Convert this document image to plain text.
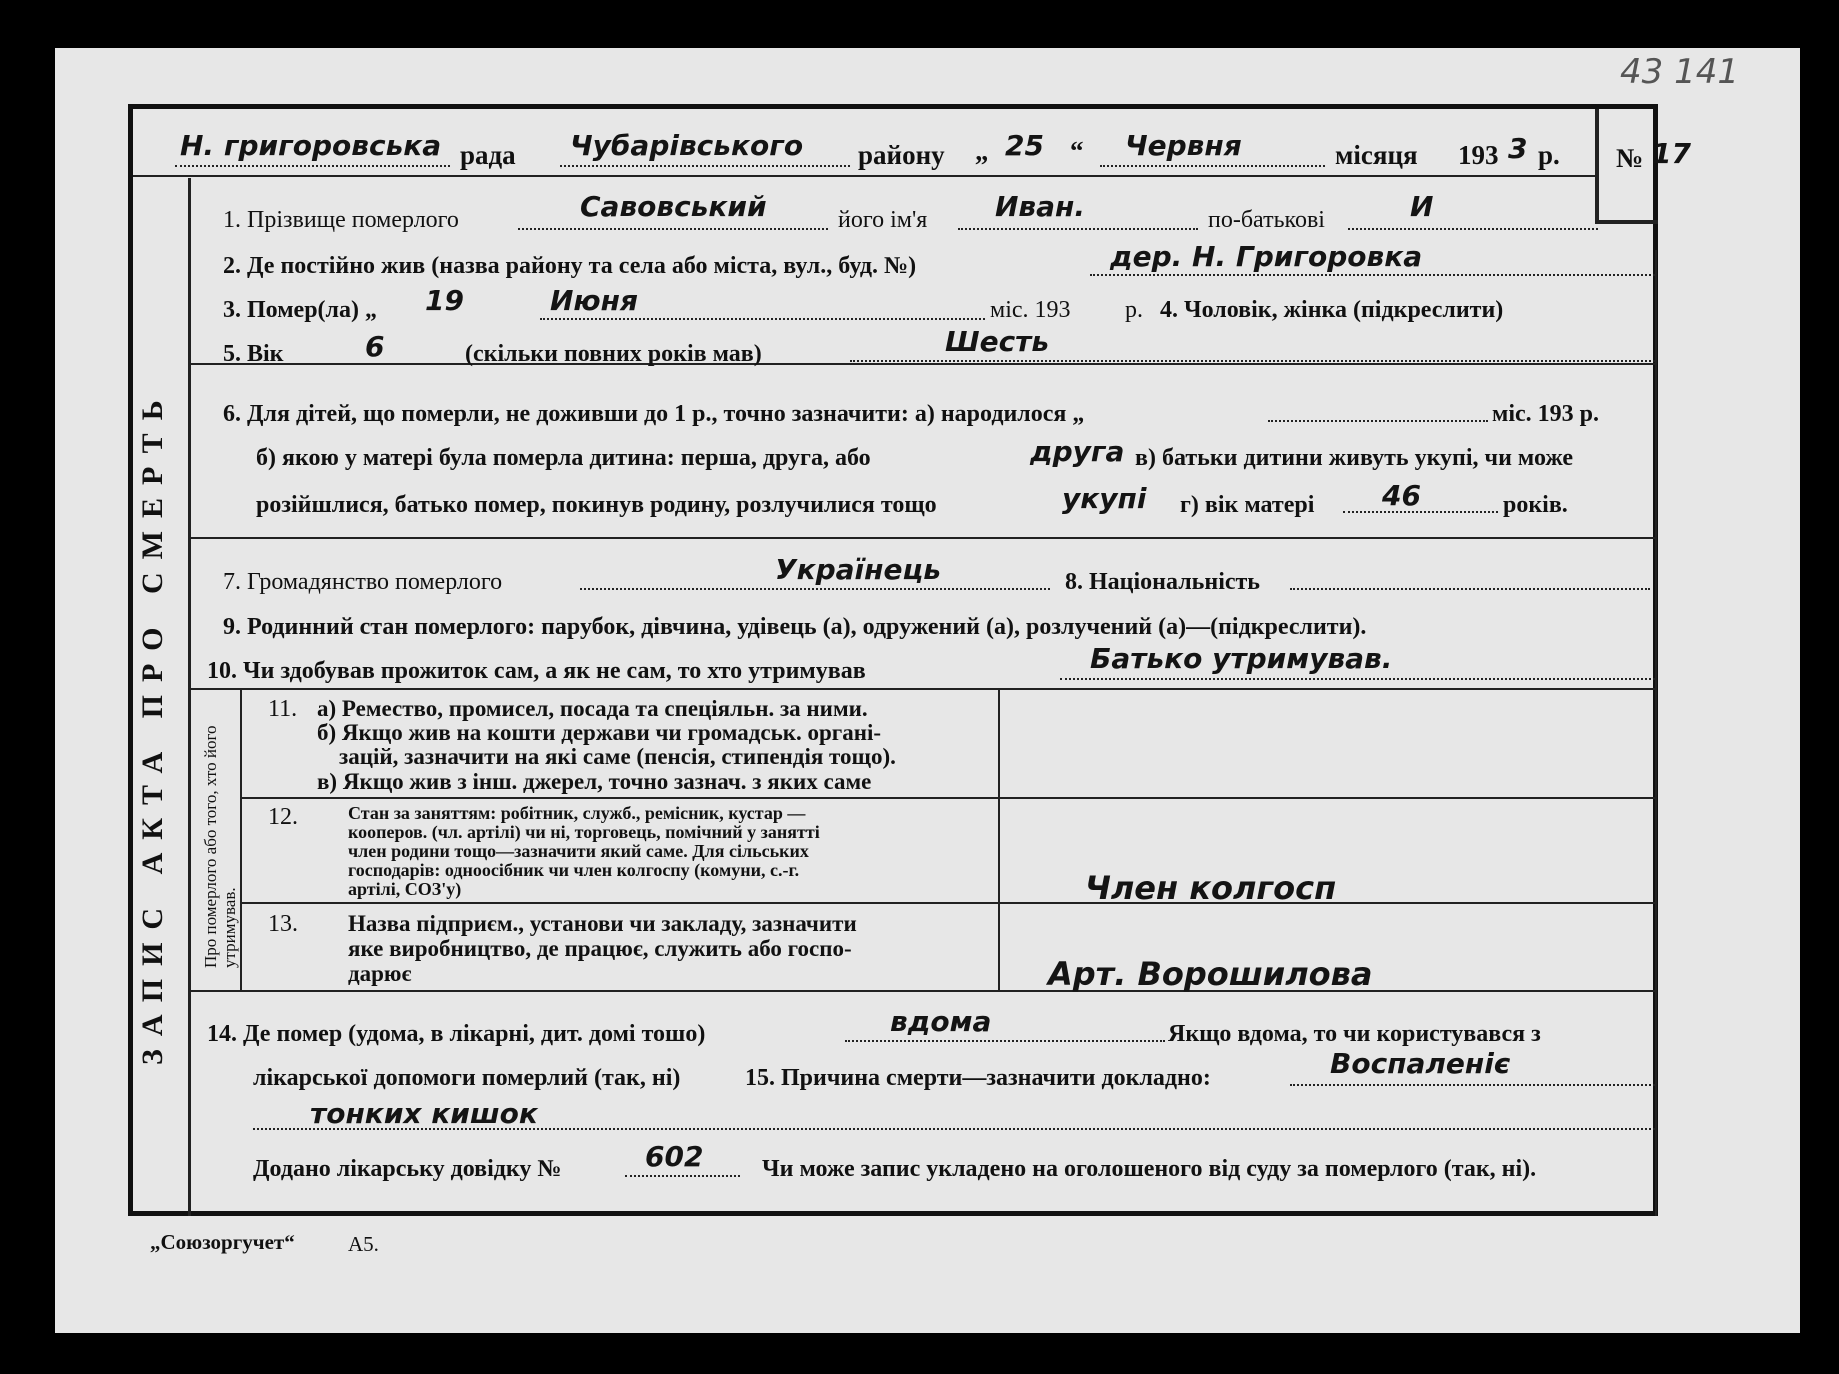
43 141
Н. григоровська рада Чубарівського району „ 25 “ Червня	місяця 193 3 р. № 17
ЗАПИС АКТА ПРО СМЕРТЬ Про померлого або того, хто його утримував.
1. Прізвище померлого	Савовський	його ім'я Иван.	по-батькові	И
2. Де постійно жив (назва району та села або міста, вул., буд. №)	дер. Н. Григоровка
3. Помер(ла) „ 19	Июня	міс. 193 р. 4. Чоловік, жінка (підкреслити)
5. Вік	6	(скільки повних років мав)	Шесть
6. Для дітей, що померли, не доживши до 1 р., точно зазначити: а) народилося „	міс. 193 р.
б) якою у матері була померла дитина: перша, друга, або	друга в) батьки дитини живуть укупі, чи може
розійшлися, батько помер, покинув родину, розлучилися тощо	укупі г) вік матері 46	років.
7. Громадянство померлого	Українець	8. Національність
9. Родинний стан померлого: парубок, дівчина, удівець (а), одружений (а), розлучений (а)—(підкреслити).
10. Чи здобував прожиток сам, а як не сам, то хто утримував	Батько утримував.
11. а) Ремество, промисел, посада та спеціяльн. за ними.
б) Якщо жив на кошти держави чи громадськ. органі-
зацій, зазначити на які саме (пенсія, стипендія тощо).
в) Якщо жив з інш. джерел, точно зазнач. з яких саме
12.	Стан за заняттям: робітник, служб., ремісник, кустар —
кооперов. (чл. артілі) чи ні, торговець, помічний у занятті
член родини тощо—зазначити який саме. Для сільських
господарів: одноосібник чи член колгоспу (комуни, с.-г.
артілі, СОЗ'у)	Член колгосп
13. Назва підприєм., установи чи закладу, зазначити
яке виробництво, де працює, служить або госпо-
дарює	Арт. Ворошилова
14. Де помер (удома, в лікарні, дит. домі тошо)	вдома	Якщо вдома, то чи користувався з
лікарської допомоги померлий (так, ні)	15. Причина смерти—зазначити докладно:	Воспаленіє
тонких кишок
Додано лікарську довідку №	602 Чи може запис укладено на оголошеного від суду за померлого (так, ні).
„Союзоргучет“	А5.
